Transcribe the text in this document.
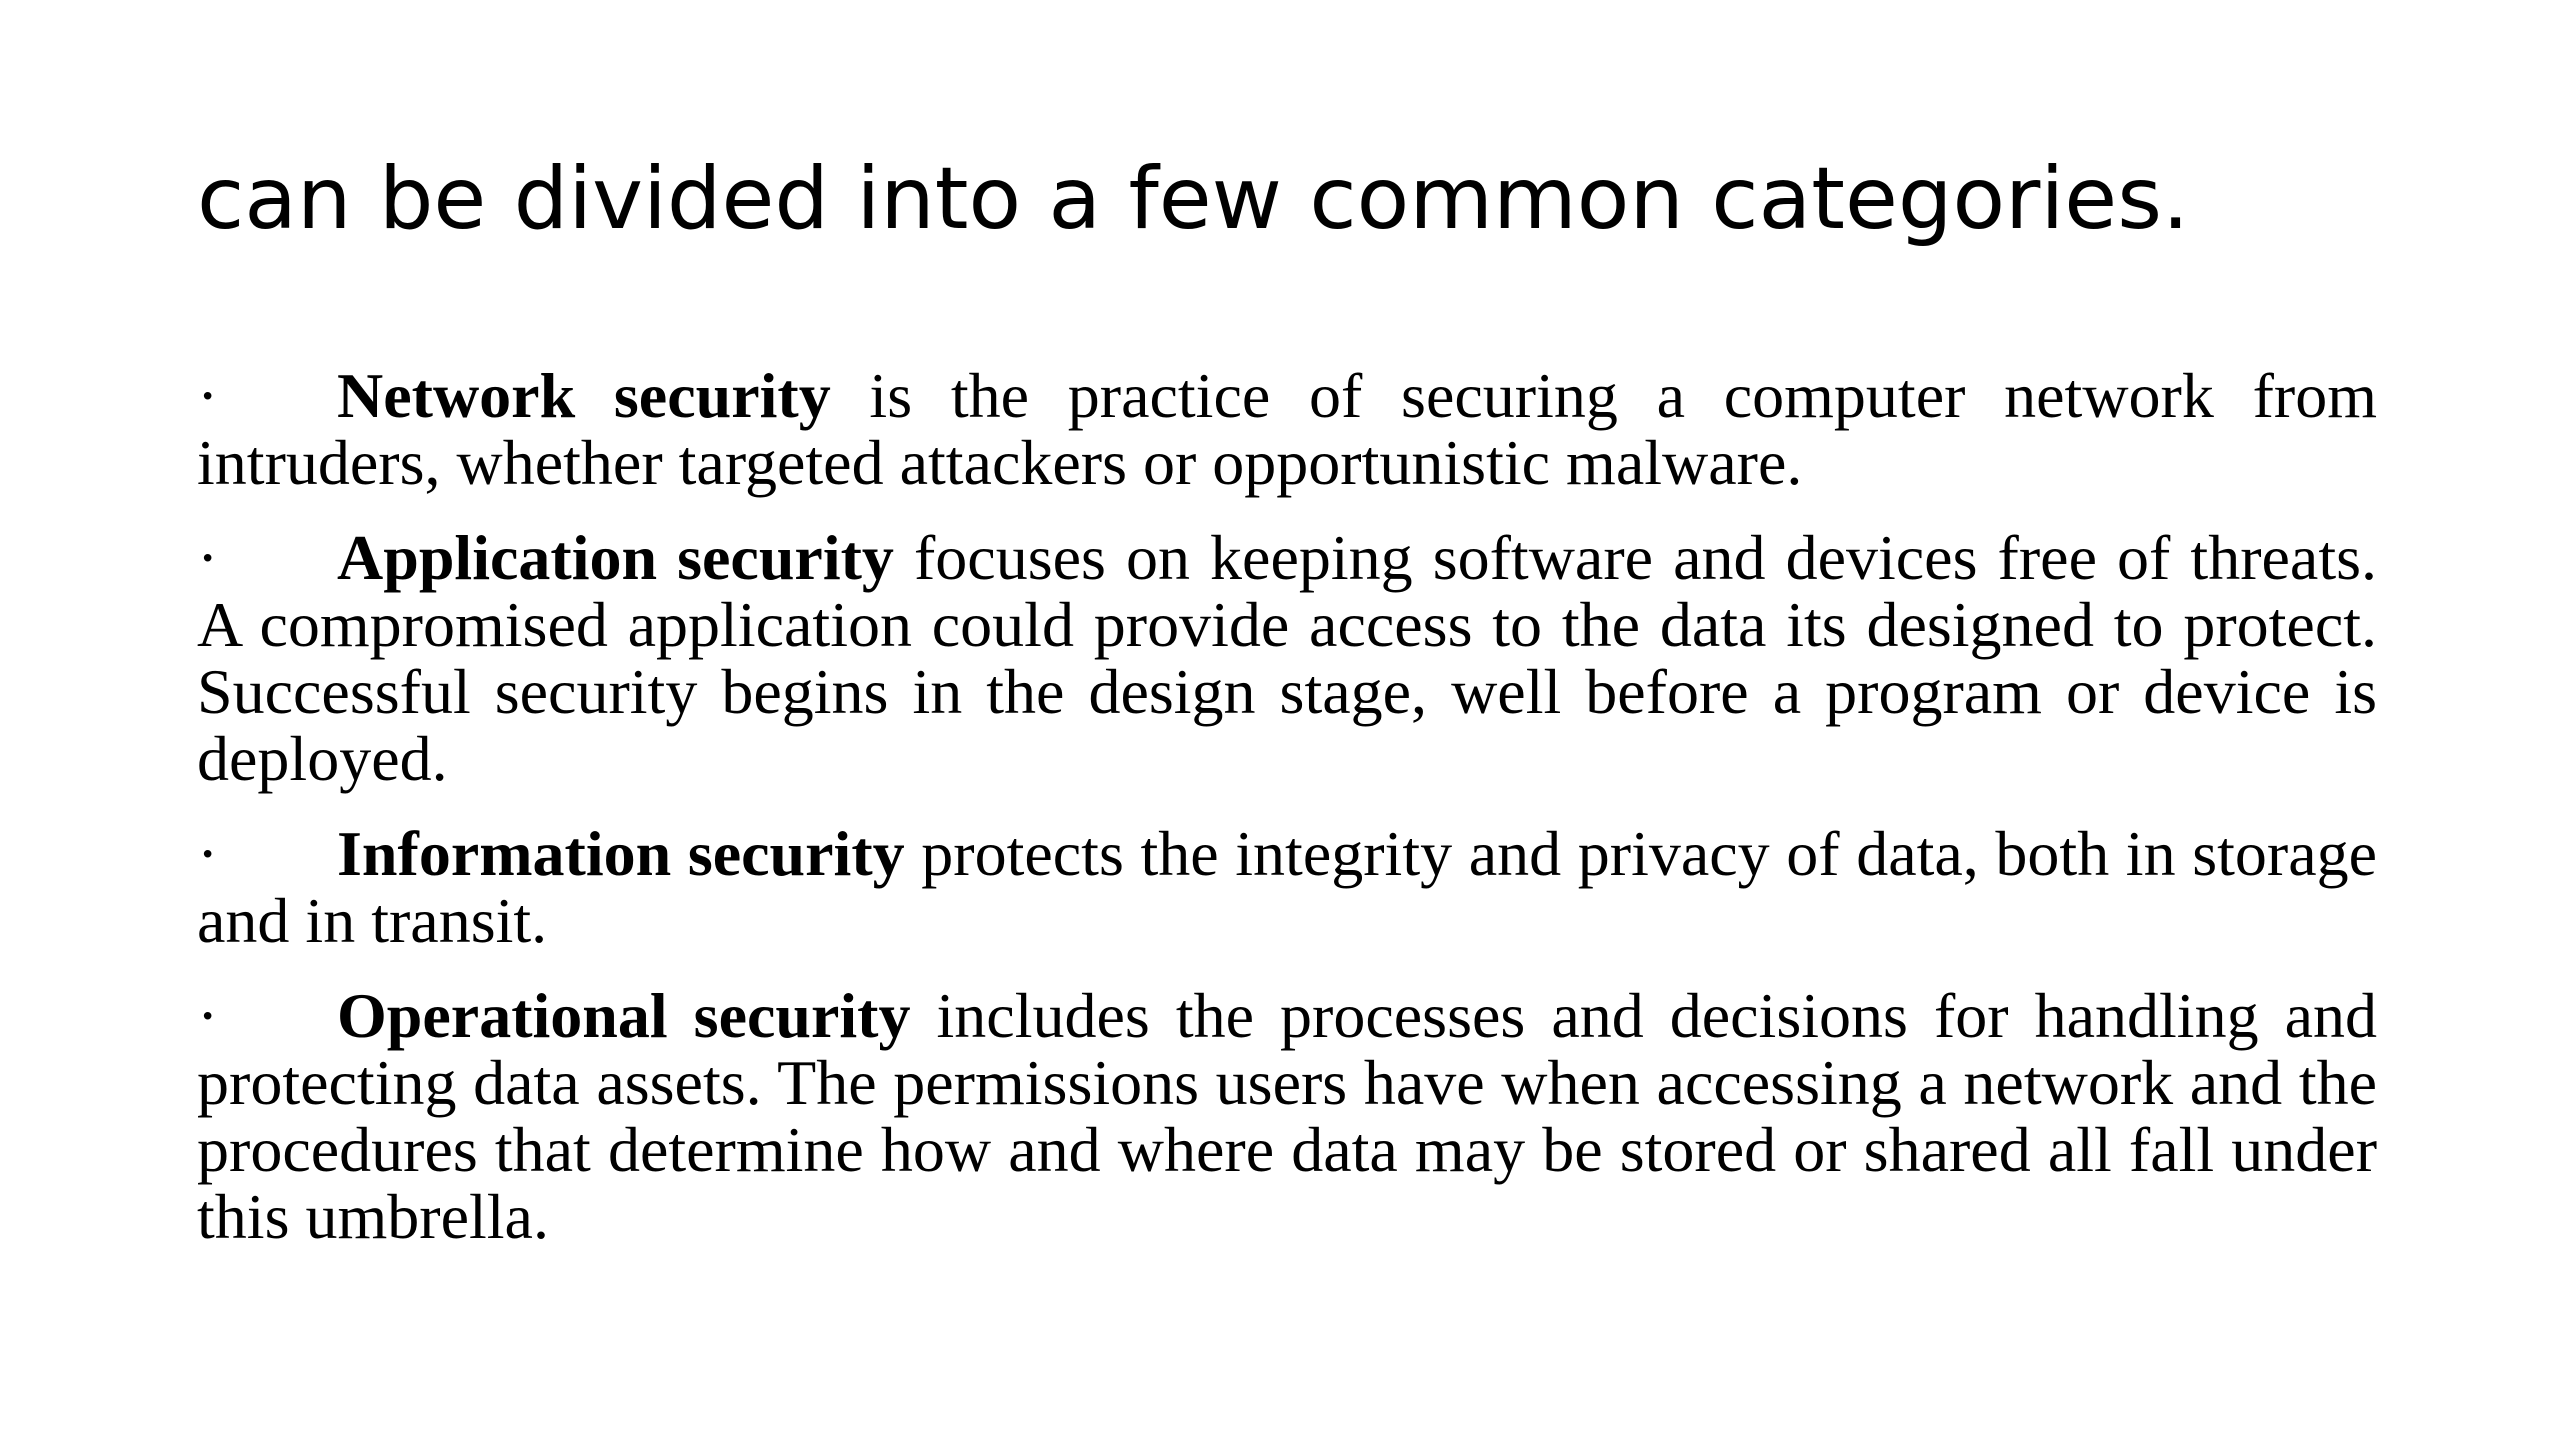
can be divided into a few common categories.

· Network security is the practice of securing a computer network from intruders, whether targeted attackers or opportunistic malware.

· Application security focuses on keeping software and devices free of threats. A compromised application could provide access to the data its designed to protect. Successful security begins in the design stage, well before a program or device is deployed.

· Information security protects the integrity and privacy of data, both in storage and in transit.

· Operational security includes the processes and decisions for handling and protecting data assets. The permissions users have when accessing a network and the procedures that determine how and where data may be stored or shared all fall under this umbrella.
